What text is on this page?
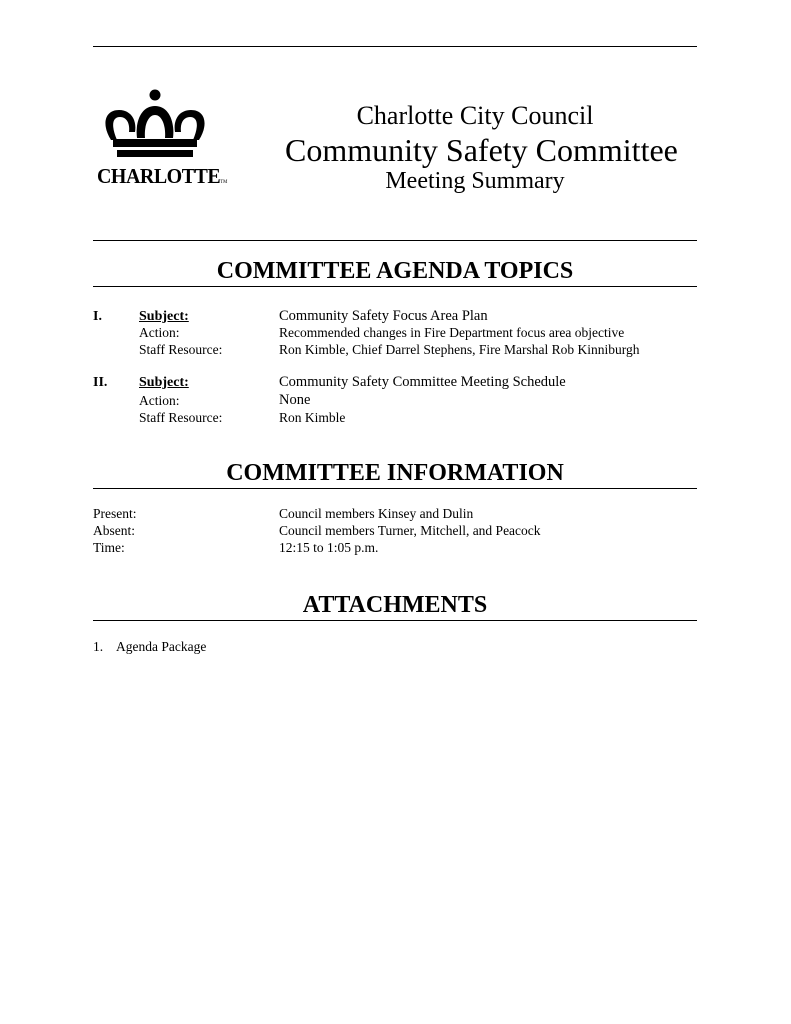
CHARLOTTETM
Charlotte City Council
Community Safety Committee
Meeting Summary
COMMITTEE AGENDA TOPICS
I.	Subject:	Community Safety Focus Area Plan
Action:	Recommended changes in Fire Department focus area objective
Staff Resource:	Ron Kimble, Chief Darrel Stephens, Fire Marshal Rob Kinniburgh
II. Subject:	Community Safety Committee Meeting Schedule
Action:	None
Staff Resource:	Ron Kimble
COMMITTEE INFORMATION
Present:	Council members Kinsey and Dulin
Absent:	Council members Turner, Mitchell, and Peacock
Time:	12:15 to 1:05 p.m.
ATTACHMENTS
1. Agenda Package
